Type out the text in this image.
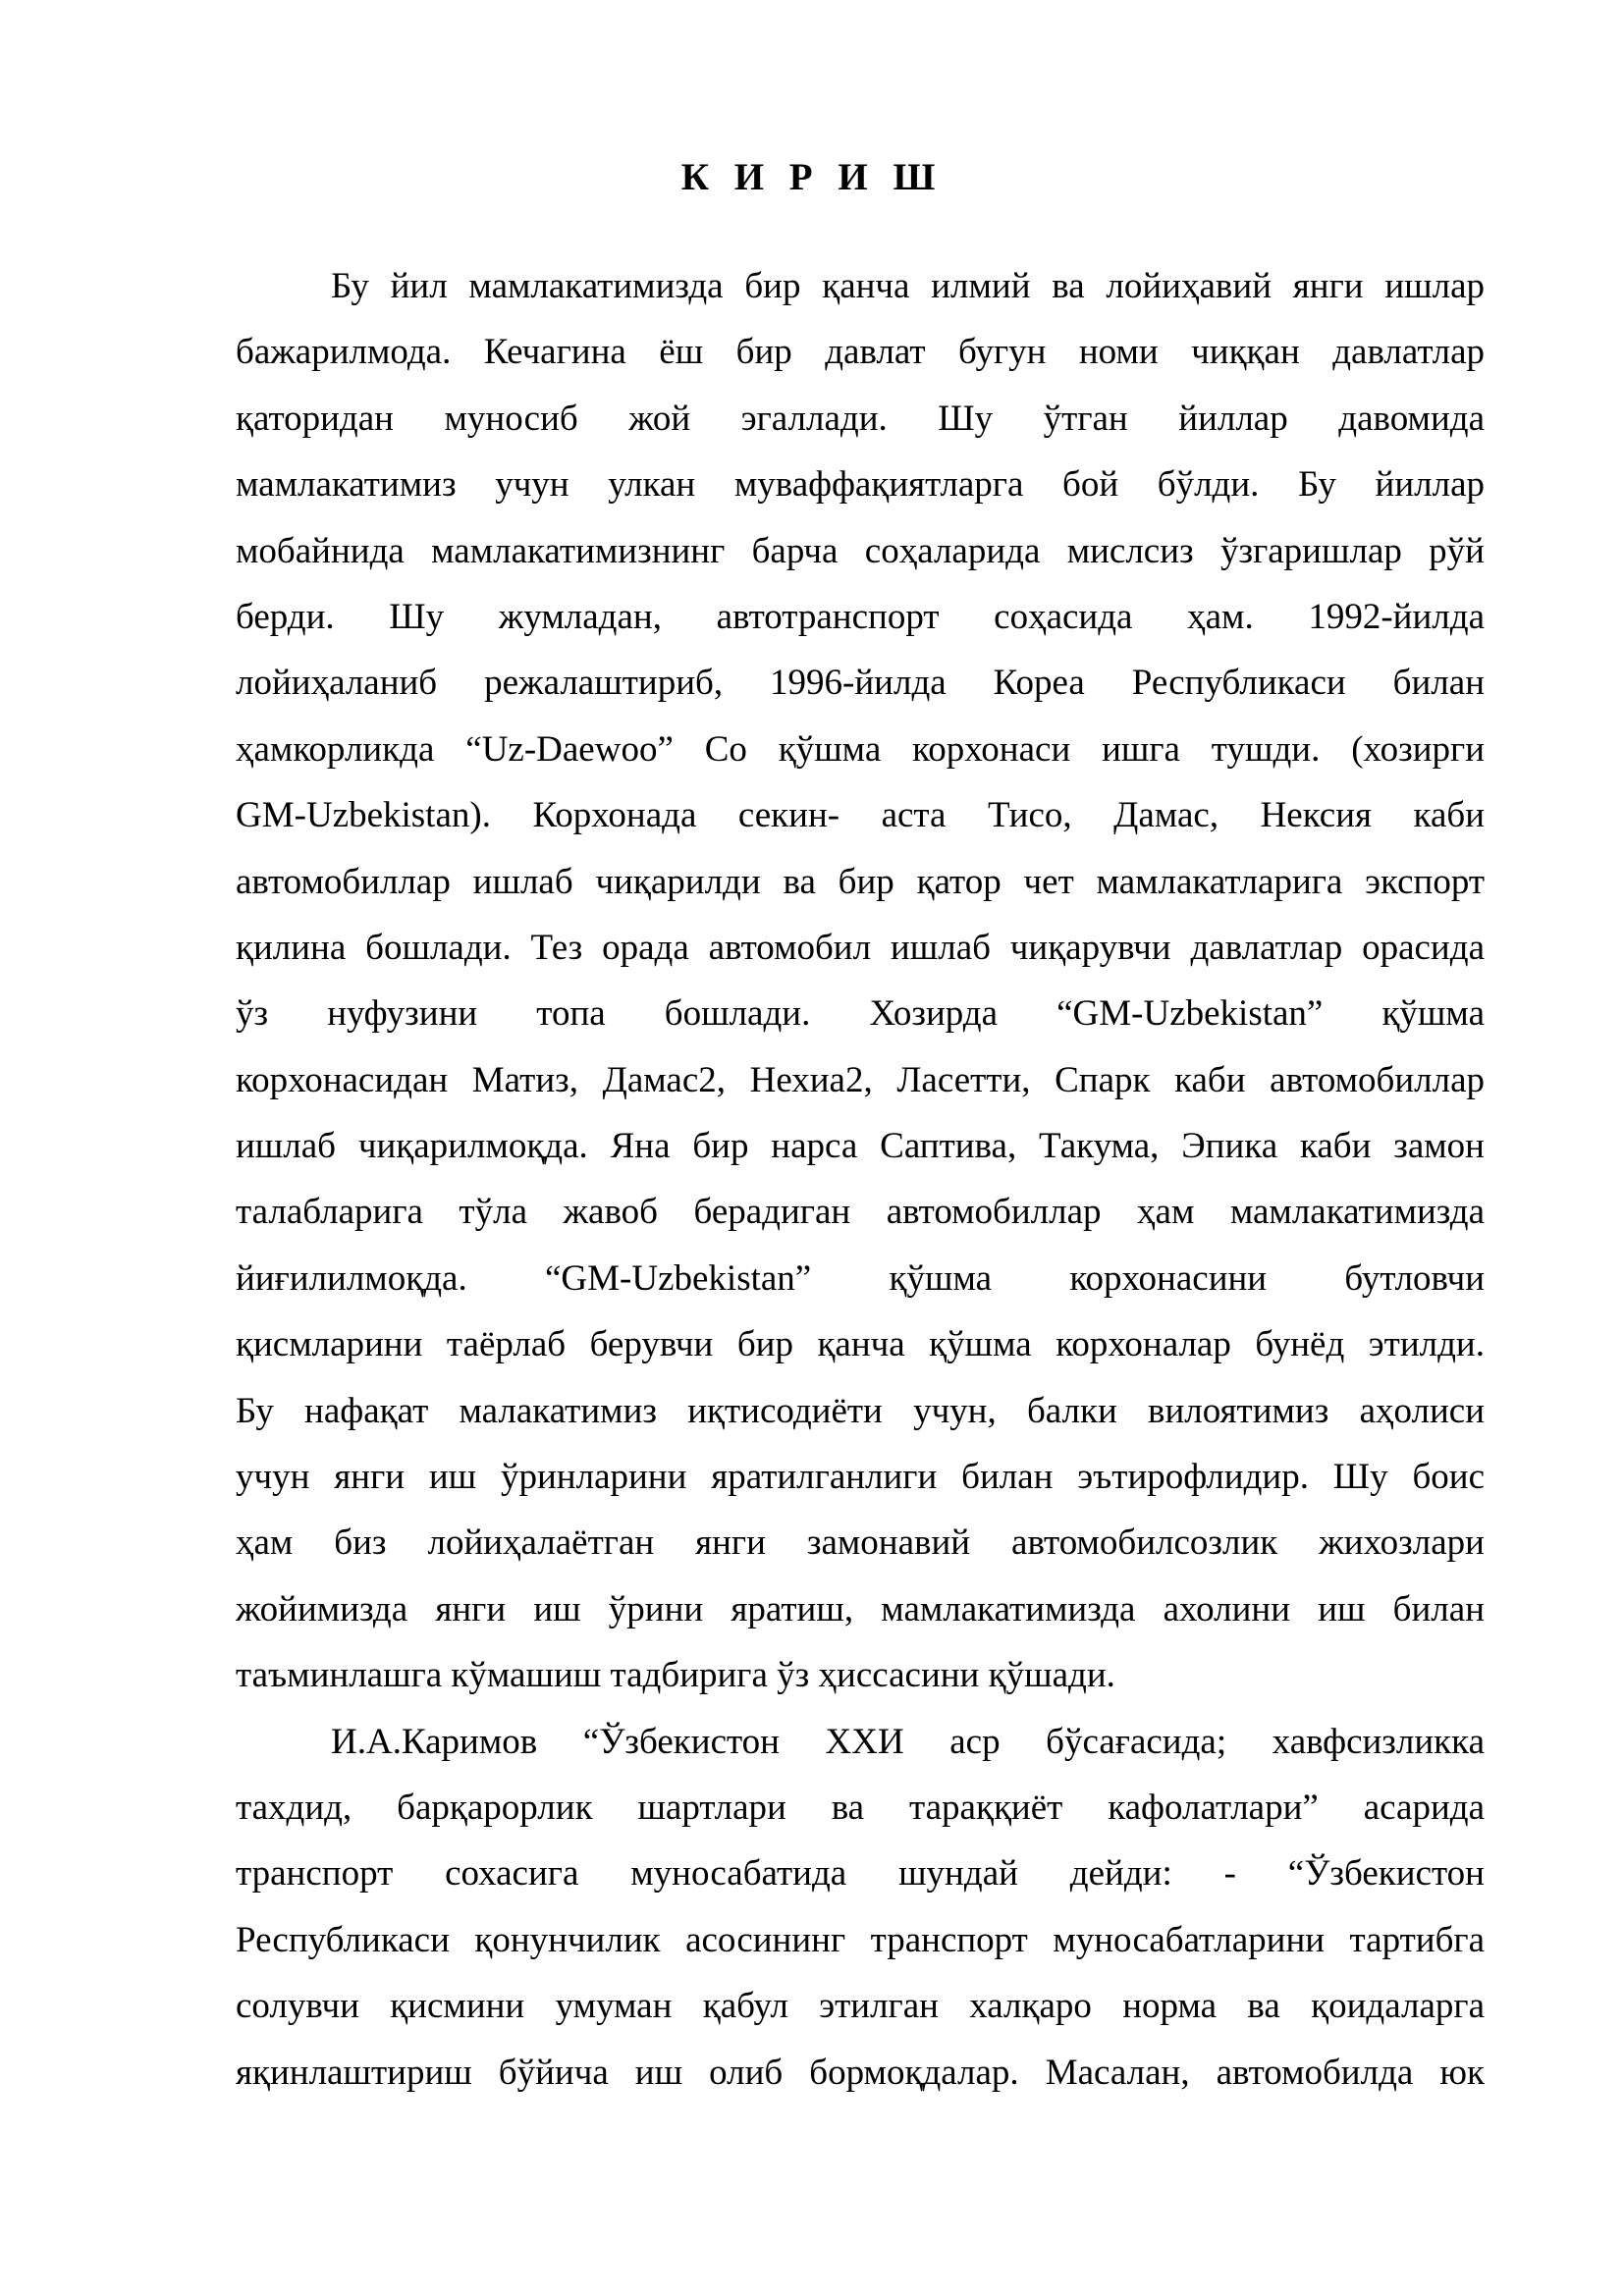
К И Р И Ш
Бу йил мамлакатимизда бир қанча илмий ва лойиҳавий янги ишлар
бажарилмода. Кечагина ёш бир давлат бугун номи чиққан давлатлар
қаторидан муносиб жой эгаллади. Шу ўтган йиллар давомида
мамлакатимиз учун улкан муваффақиятларга бой бўлди. Бу йиллар
мобайнида мамлакатимизнинг барча соҳаларида мислсиз ўзгаришлар рўй
берди. Шу жумладан, автотранспорт соҳасида ҳам. 1992-йилда
лойиҳаланиб режалаштириб, 1996-йилда Кореа Республикаси билан
ҳамкорликда “Uz-Daewoo” Со қўшма корхонаси ишга тушди. (хозирги
GM-Uzbekistan). Корхонада секин- аста Тисо, Дамас, Нексия каби
автомобиллар ишлаб чиқарилди ва бир қатор чет мамлакатларига экспорт
қилина бошлади. Тез орада автомобил ишлаб чиқарувчи давлатлар орасида
ўз нуфузини топа бошлади. Хозирда “GM-Uzbekistan” қўшма
корхонасидан Матиз, Дамас2, Нехиа2, Ласетти, Спарк каби автомобиллар
ишлаб чиқарилмоқда. Яна бир нарса Саптива, Такума, Эпика каби замон
талабларига тўла жавоб берадиган автомобиллар ҳам мамлакатимизда
йиғилилмоқда. “GM-Uzbekistan” қўшма корхонасини бутловчи
қисмларини таёрлаб берувчи бир қанча қўшма корхоналар бунёд этилди.
Бу нафақат малакатимиз иқтисодиёти учун, балки вилоятимиз аҳолиси
учун янги иш ўринларини яратилганлиги билан эътирофлидир. Шу боис
ҳам биз лойиҳалаётган янги замонавий автомобилсозлик жихозлари
жойимизда янги иш ўрини яратиш, мамлакатимизда ахолини иш билан
таъминлашга кўмашиш тадбирига ўз ҳиссасини қўшади.
И.А.Каримов “Ўзбекистон ХХИ аср бўсағасида; хавфсизликка
тахдид, барқарорлик шартлари ва тараққиёт кафолатлари” асарида
транспорт сохасига муносабатида шундай дейди: - “Ўзбекистон
Республикаси қонунчилик асосининг транспорт муносабатларини тартибга
солувчи қисмини умуман қабул этилган халқаро норма ва қоидаларга
яқинлаштириш бўйича иш олиб бормоқдалар. Масалан, автомобилда юк
